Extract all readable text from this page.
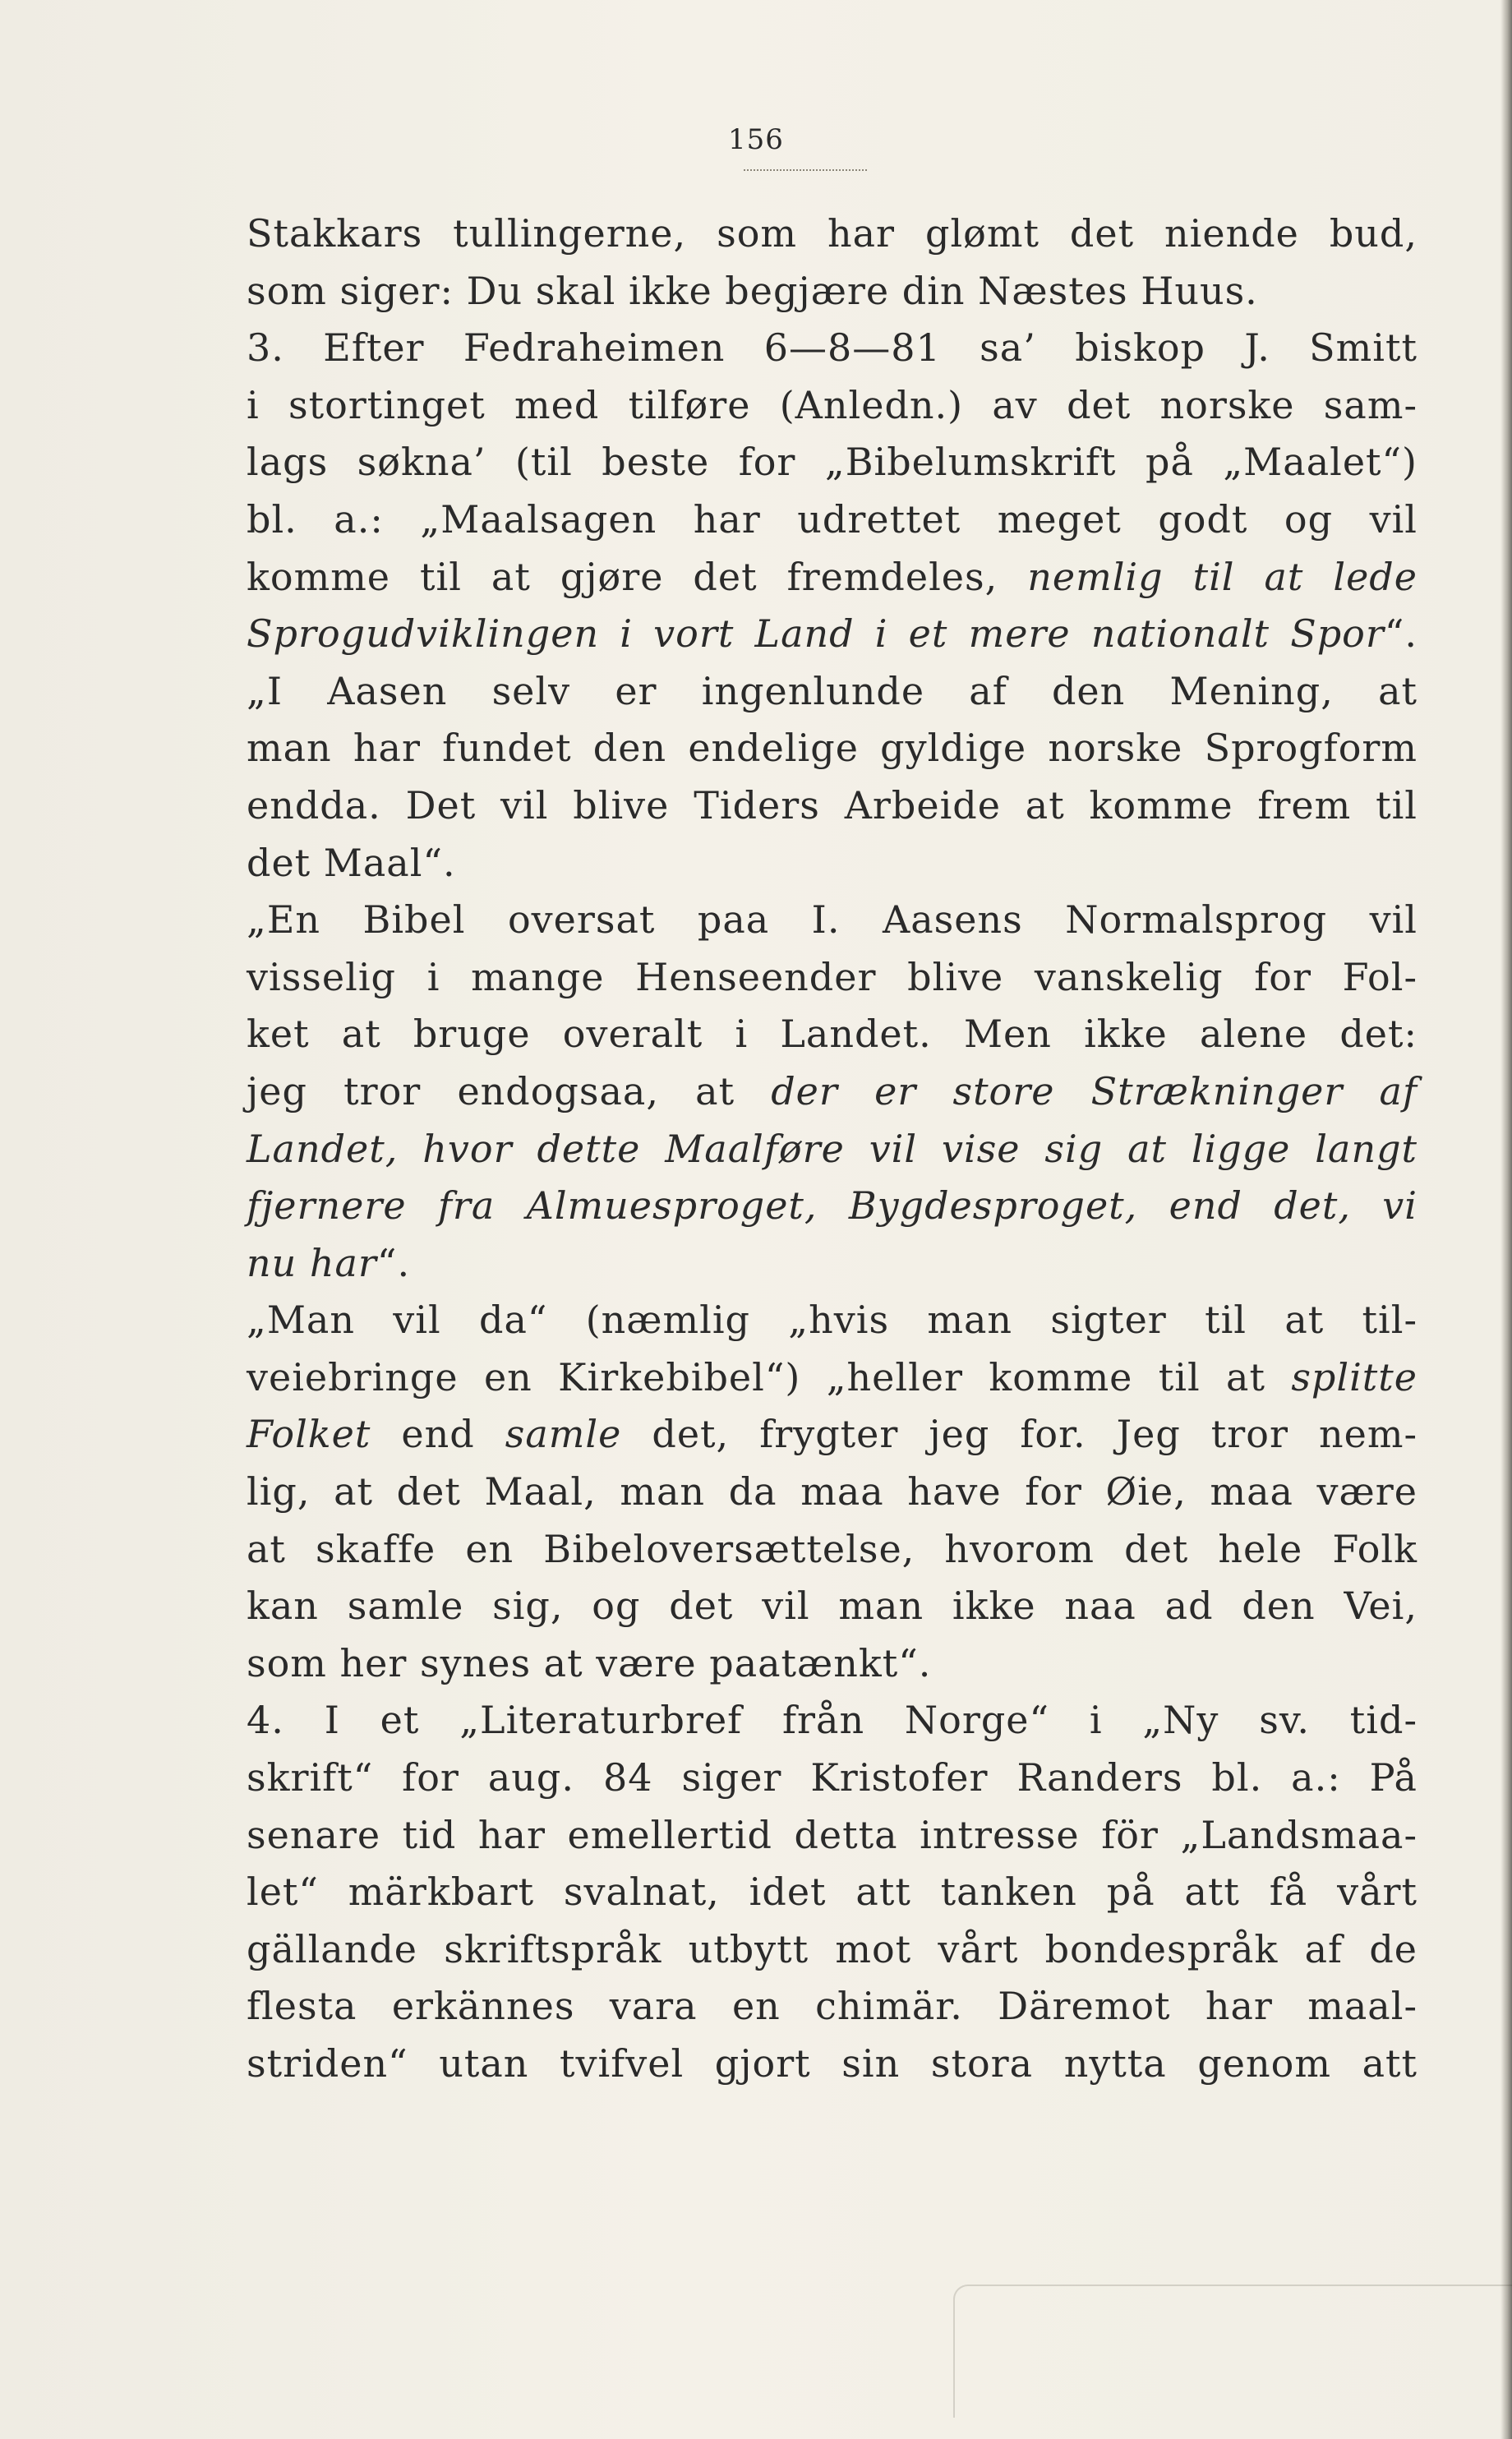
156
Stakkars tullingerne, som har glømt det niende bud,
som siger: Du skal ikke begjære din Næstes Huus.
3. Efter Fedraheimen 6—8—81 sa’ biskop J. Smitt
i stortinget med tilføre (Anledn.) av det norske sam-
lags søkna’ (til beste for „Bibelumskrift på „Maalet“)
bl. a.: „Maalsagen har udrettet meget godt og vil
komme til at gjøre det fremdeles, nemlig til at lede
Sprogudviklingen i vort Land i et mere nationalt Spor“.
„I Aasen selv er ingenlunde af den Mening, at
man har fundet den endelige gyldige norske Sprogform
endda. Det vil blive Tiders Arbeide at komme frem til
det Maal“.
„En Bibel oversat paa I. Aasens Normalsprog vil
visselig i mange Henseender blive vanskelig for Fol-
ket at bruge overalt i Landet. Men ikke alene det:
jeg tror endogsaa, at der er store Strækninger af
Landet, hvor dette Maalføre vil vise sig at ligge langt
fjernere fra Almuesproget, Bygdesproget, end det, vi
nu har“.
„Man vil da“ (næmlig „hvis man sigter til at til-
veiebringe en Kirkebibel“) „heller komme til at splitte
Folket end samle det, frygter jeg for. Jeg tror nem-
lig, at det Maal, man da maa have for Øie, maa være
at skaffe en Bibeloversættelse, hvorom det hele Folk
kan samle sig, og det vil man ikke naa ad den Vei,
som her synes at være paatænkt“.
4. I et „Literaturbref från Norge“ i „Ny sv. tid-
skrift“ for aug. 84 siger Kristofer Randers bl. a.: På
senare tid har emellertid detta intresse för „Landsmaa-
let“ märkbart svalnat, idet att tanken på att få vårt
gällande skriftspråk utbytt mot vårt bondespråk af de
flesta erkännes vara en chimär. Däremot har maal-
striden“ utan tvifvel gjort sin stora nytta genom att
